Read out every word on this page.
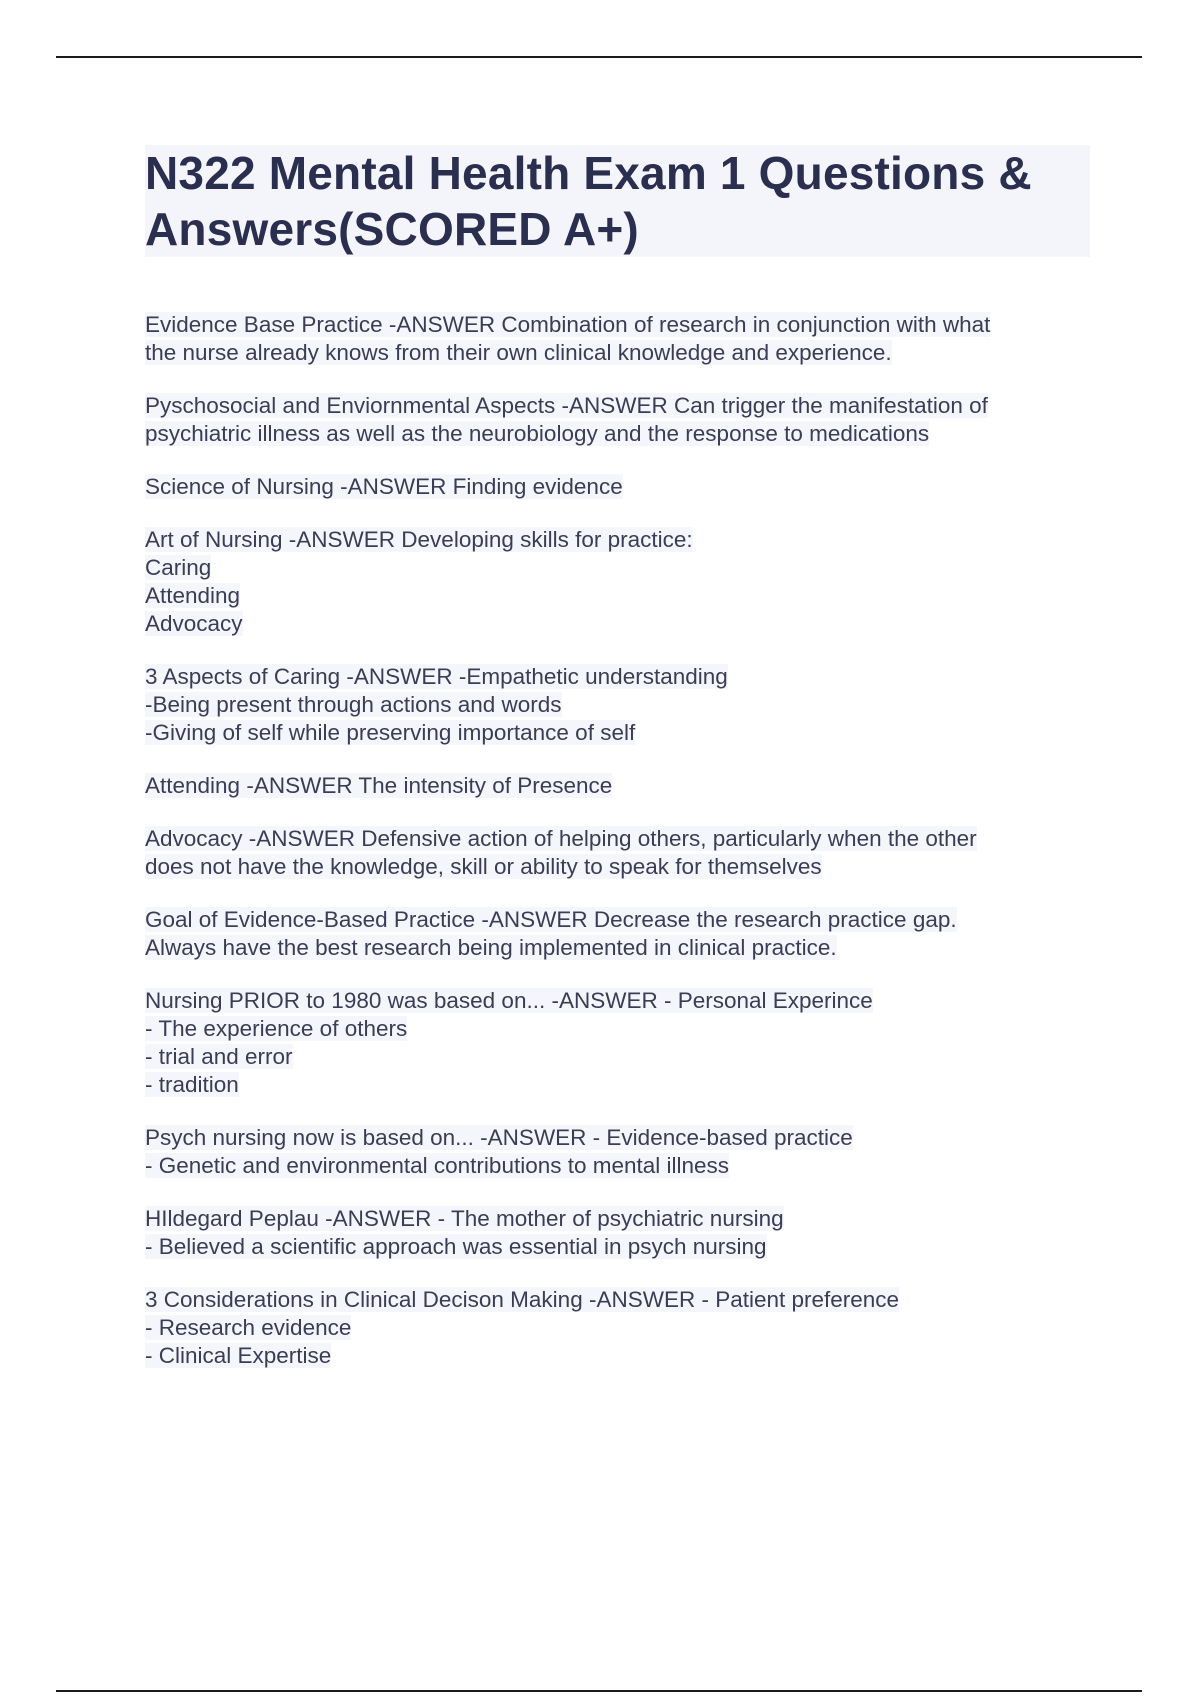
N322 Mental Health Exam 1 Questions &
Answers(SCORED A+)
Evidence Base Practice -ANSWER Combination of research in conjunction with what
the nurse already knows from their own clinical knowledge and experience.
Pyschosocial and Enviornmental Aspects -ANSWER Can trigger the manifestation of
psychiatric illness as well as the neurobiology and the response to medications
Science of Nursing -ANSWER Finding evidence
Art of Nursing -ANSWER Developing skills for practice:
Caring
Attending
Advocacy
3 Aspects of Caring -ANSWER -Empathetic understanding
-Being present through actions and words
-Giving of self while preserving importance of self
Attending -ANSWER The intensity of Presence
Advocacy -ANSWER Defensive action of helping others, particularly when the other
does not have the knowledge, skill or ability to speak for themselves
Goal of Evidence-Based Practice -ANSWER Decrease the research practice gap.
Always have the best research being implemented in clinical practice.
Nursing PRIOR to 1980 was based on... -ANSWER - Personal Experince
- The experience of others
- trial and error
- tradition
Psych nursing now is based on... -ANSWER - Evidence-based practice
- Genetic and environmental contributions to mental illness
HIldegard Peplau -ANSWER - The mother of psychiatric nursing
- Believed a scientific approach was essential in psych nursing
3 Considerations in Clinical Decison Making -ANSWER - Patient preference
- Research evidence
- Clinical Expertise
